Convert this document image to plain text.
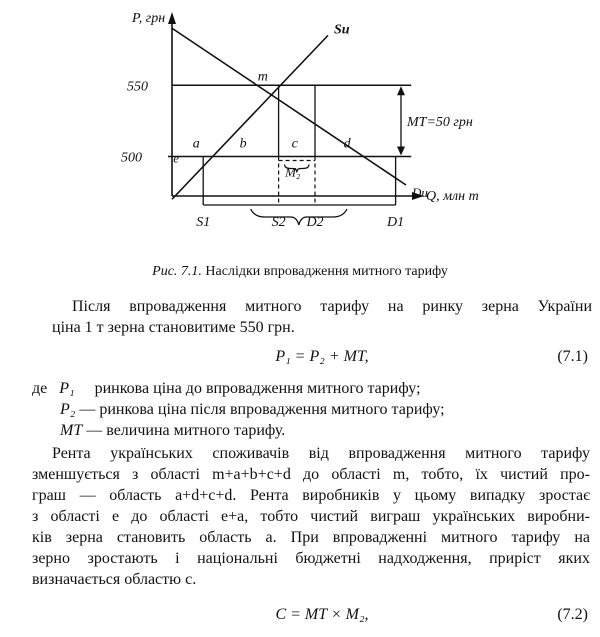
P, грн
Q, млн т
550
500
Sи
Dи
MT=50 грн
m
a	b	c	d
e
M₂
S1	S2 D2	D1
Рис. 7.1. Наслідки впровадження митного тарифу
Після впровадження митного тарифу на ринку зерна України
ціна 1 т зерна становитиме 550 грн.
P₁ = P₂ + MT,	(7.1)
де P₁ ринкова ціна до впровадження митного тарифу;
P₂ — ринкова ціна після впровадження митного тарифу;
MT — величина митного тарифу.
Рента українських споживачів від впровадження митного тарифу
зменшується з області m+a+b+c+d до області m, тобто, їх чистий про-
граш — область a+d+c+d. Рента виробників у цьому випадку зростає
з області e до області e+a, тобто чистий виграш українських виробни-
ків зерна становить область a. При впровадженні митного тарифу на
зерно зростають і національні бюджетні надходження, приріст яких
визначається областю c.
C = MT × M₂,	(7.2)
